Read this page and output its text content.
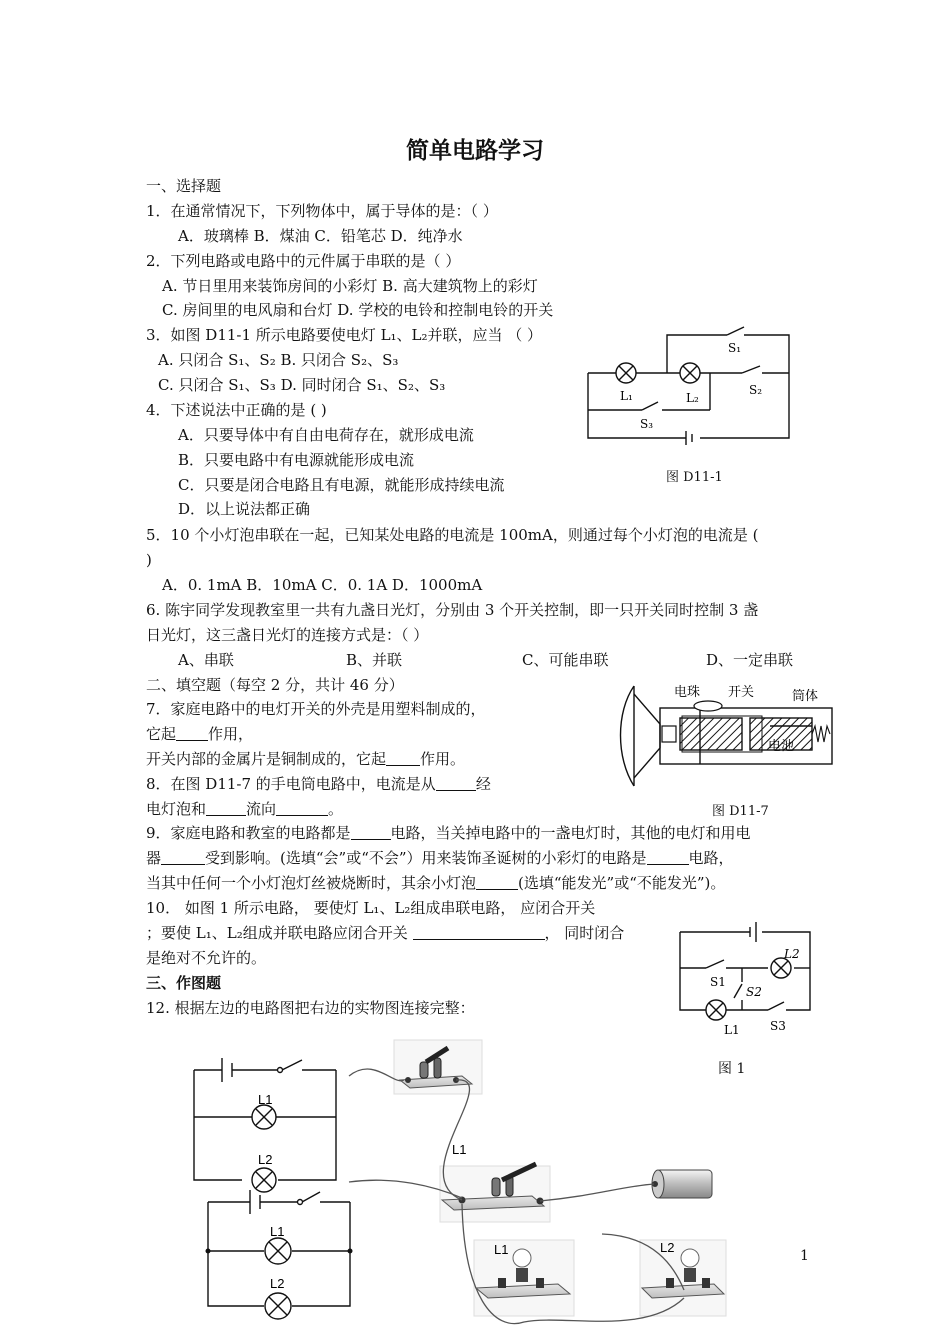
简单电路学习
一、选择题
1．在通常情况下，下列物体中，属于导体的是：（ ）
A．玻璃棒 B．煤油 C．铅笔芯 D．纯净水
2．下列电路或电路中的元件属于串联的是（ ）
A. 节日里用来装饰房间的小彩灯 B. 高大建筑物上的彩灯
C. 房间里的电风扇和台灯 D. 学校的电铃和控制电铃的开关
3．如图 D11-1 所示电路要使电灯 L₁、L₂并联，应当 （ ）
A. 只闭合 S₁、S₂ B. 只闭合 S₂、S₃
C. 只闭合 S₁、S₃ D. 同时闭合 S₁、S₂、S₃
4．下述说法中正确的是 ( )
A．只要导体中有自由电荷存在，就形成电流
B．只要电路中有电源就能形成电流
C．只要是闭合电路且有电源，就能形成持续电流
D．以上说法都正确
5．10 个小灯泡串联在一起，已知某处电路的电流是 100mA，则通过每个小灯泡的电流是 (
)
A．0. 1mA B．10mA C．0. 1A D．1000mA
6. 陈宇同学发现教室里一共有九盏日光灯，分别由 3 个开关控制，即一只开关同时控制 3 盏
日光灯，这三盏日光灯的连接方式是：（ ）
A、串联	B、并联	C、可能串联	D、一定串联
二、填空题（每空 2 分，共计 46 分）
7．家庭电路中的电灯开关的外壳是用塑料制成的，
它起 作用，
开关内部的金属片是铜制成的，它起 作用。
8．在图 D11-7 的手电筒电路中，电流是从	经
电灯泡和	流向	。
9．家庭电路和教室的电路都是	电路，当关掉电路中的一盏电灯时，其他的电灯和用电
器	受到影响。(选填“会”或“不会”）用来装饰圣诞树的小彩灯的电路是	电路，
当其中任何一个小灯泡灯丝被烧断时，其余小灯泡	(选填“能发光”或“不能发光”)。
10． 如图 1 所示电路， 要使灯 L₁、L₂组成串联电路， 应闭合开关
；要使 L₁、L₂组成并联电路应闭合开关	， 同时闭合
是绝对不允许的。
三、作图题
12. 根据左边的电路图把右边的实物图连接完整：
S₁
S₂
S₃
L₁	L₂
图 D11-1
电珠 开关	筒体
电池
图 D11-7
S1
S2
S3
L1
L2
图 1
L1
L2
L1
L2
L1
L1	L2
1
